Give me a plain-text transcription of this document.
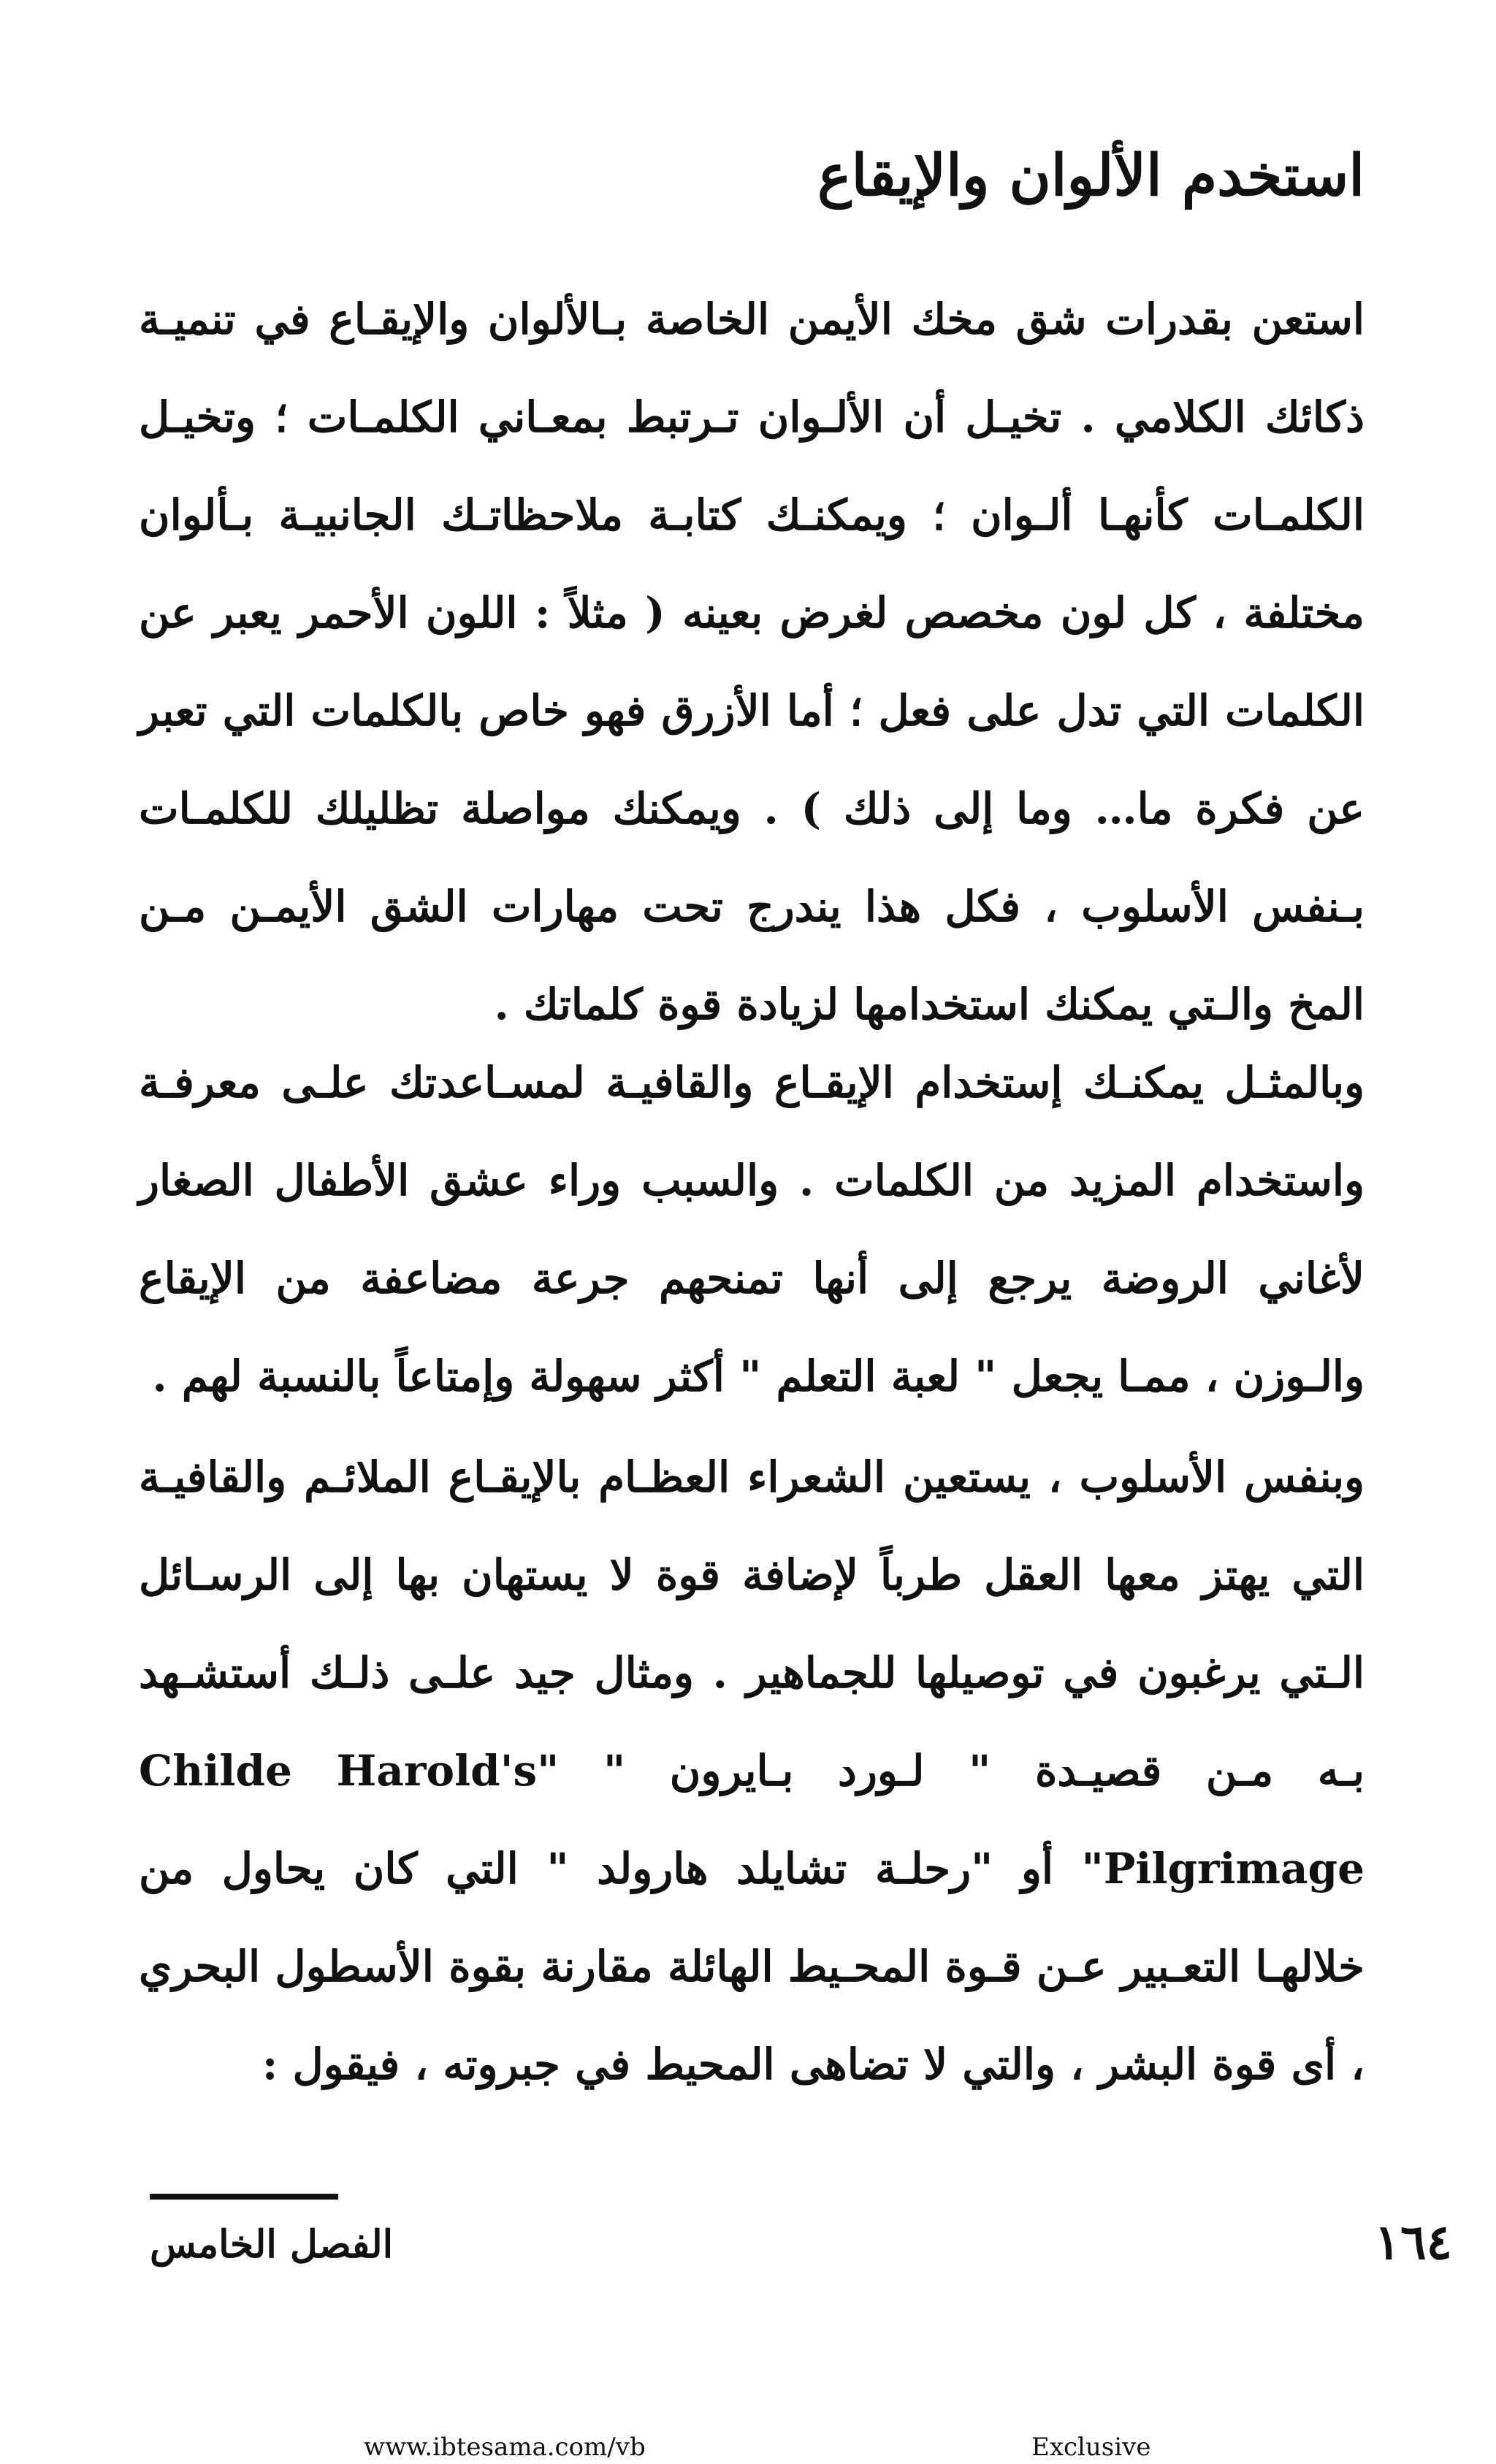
استخدم الألوان والإيقاع

استعن بقدرات شق مخك الأيمن الخاصة بـالألوان والإيقـاع في تنميـة ذكائك الكلامي . تخيـل أن الألـوان تـرتبط بمعـاني الكلمـات ؛ وتخيـل الكلمـات كأنهـا ألـوان ؛ ويمكنـك كتابـة ملاحظاتـك الجانبيـة بـألوان مختلفة ، كل لون مخصص لغرض بعينه ( مثلاً : اللون الأحمر يعبر عن الكلمات التي تدل على فعل ؛ أما الأزرق فهو خاص بالكلمات التي تعبر عن فكرة ما… وما إلى ذلك ) . ويمكنك مواصلة تظليلك للكلمـات بـنفس الأسلوب ، فكل هذا يندرج تحت مهارات الشق الأيمـن مـن المخ والـتي يمكنك استخدامها لزيادة قوة كلماتك .

وبالمثـل يمكنـك إستخدام الإيقـاع والقافيـة لمسـاعدتك علـى معرفـة واستخدام المزيد من الكلمات . والسبب وراء عشق الأطفال الصغار لأغاني الروضة يرجع إلى أنها تمنحهم جرعة مضاعفة من الإيقاع والـوزن ، ممـا يجعل " لعبة التعلم " أكثر سهولة وإمتاعاً بالنسبة لهم .

وبنفس الأسلوب ، يستعين الشعراء العظـام بالإيقـاع الملائـم والقافيـة التي يهتز معها العقل طرباً لإضافة قوة لا يستهان بها إلى الرسـائل الـتي يرغبون في توصيلها للجماهير . ومثال جيد علـى ذلـك أستشـهد بـه مـن قصيـدة " لـورد بـايرون " "Childe Harold's Pilgrimage" أو "رحلـة تشايلد هارولد " التي كان يحاول من خلالهـا التعـبير عـن قـوة المحـيط الهائلة مقارنة بقوة الأسطول البحري ، أى قوة البشر ، والتي لا تضاهى المحيط في جبروته ، فيقول :

الفصل الخامس	١٦٤
www.ibtesama.com/vb	Exclusive
